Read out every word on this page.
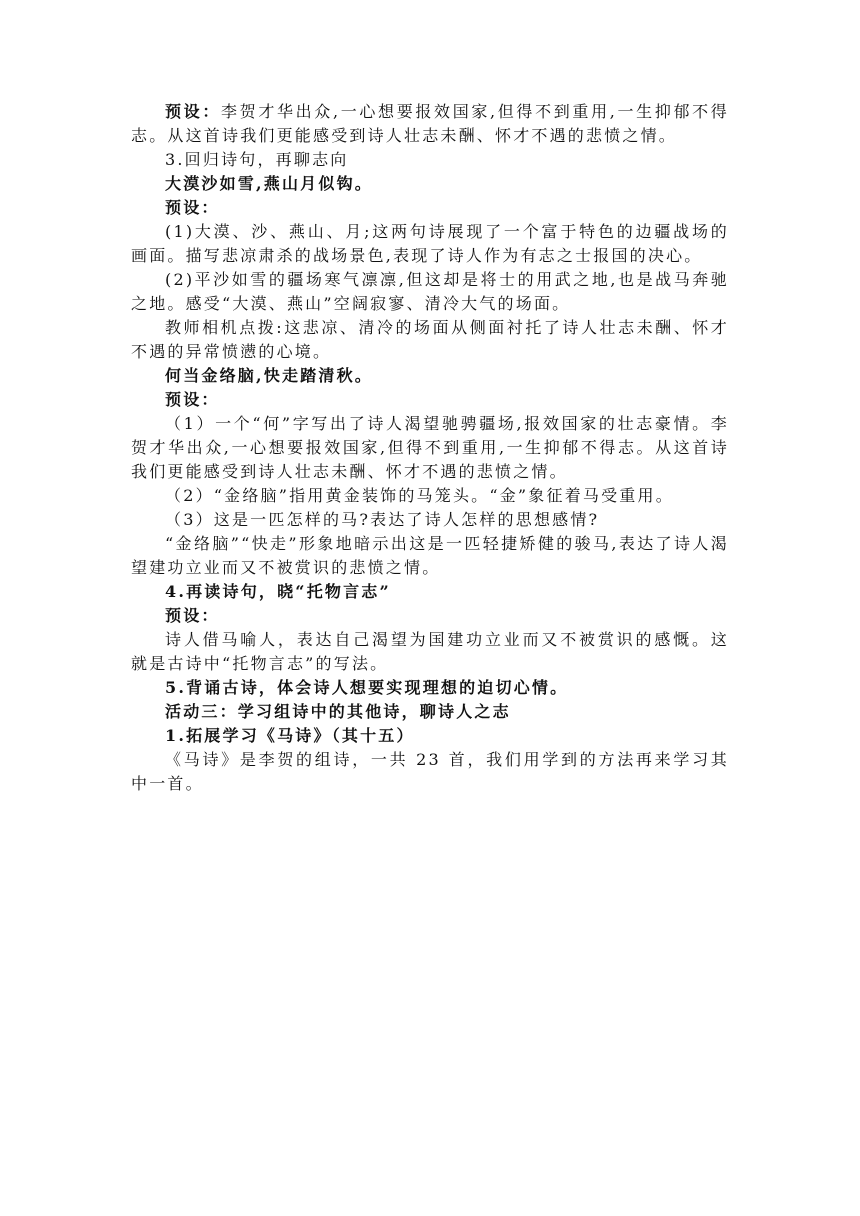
预设：李贺才华出众,一心想要报效国家,但得不到重用,一生抑郁不得志。从这首诗我们更能感受到诗人壮志未酬、怀才不遇的悲愤之情。

3.回归诗句，再聊志向

大漠沙如雪,燕山月似钩。

预设：

(1)大漠、沙、燕山、月;这两句诗展现了一个富于特色的边疆战场的画面。描写悲凉肃杀的战场景色,表现了诗人作为有志之士报国的决心。

(2)平沙如雪的疆场寒气凛凛,但这却是将士的用武之地,也是战马奔驰之地。感受“大漠、燕山”空阔寂寥、清冷大气的场面。

教师相机点拨:这悲凉、清冷的场面从侧面衬托了诗人壮志未酬、怀才不遇的异常愤懑的心境。

何当金络脑,快走踏清秋。

预设：

（1）一个“何”字写出了诗人渴望驰骋疆场,报效国家的壮志豪情。李贺才华出众,一心想要报效国家,但得不到重用,一生抑郁不得志。从这首诗我们更能感受到诗人壮志未酬、怀才不遇的悲愤之情。

（2）“金络脑”指用黄金装饰的马笼头。“金”象征着马受重用。

（3）这是一匹怎样的马?表达了诗人怎样的思想感情?

“金络脑”“快走”形象地暗示出这是一匹轻捷矫健的骏马,表达了诗人渴望建功立业而又不被赏识的悲愤之情。

4.再读诗句，晓“托物言志”

预设：

诗人借马喻人，表达自己渴望为国建功立业而又不被赏识的感慨。这就是古诗中“托物言志”的写法。

5.背诵古诗，体会诗人想要实现理想的迫切心情。

活动三：学习组诗中的其他诗，聊诗人之志

1.拓展学习《马诗》（其十五）

《马诗》是李贺的组诗，一共 23 首，我们用学到的方法再来学习其中一首。
